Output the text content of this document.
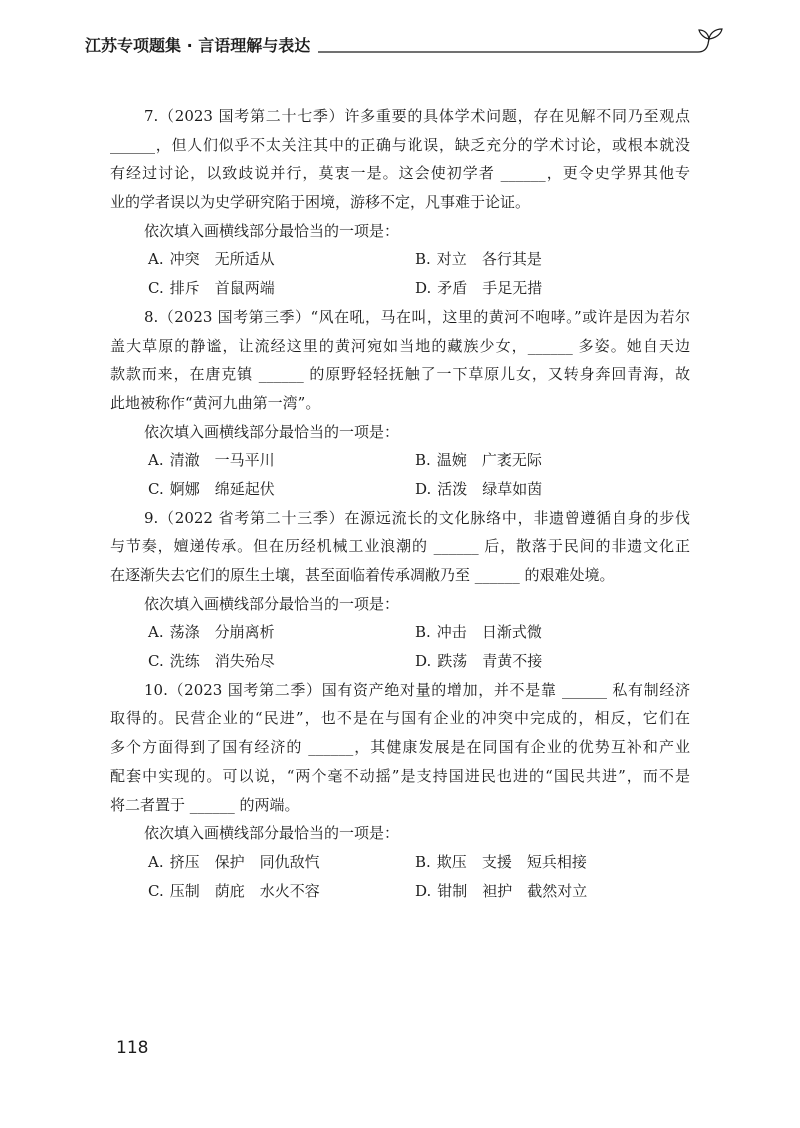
江苏专项题集 · 言语理解与表达
7.（2023 国考第二十七季）许多重要的具体学术问题，存在见解不同乃至观点
______，但人们似乎不太关注其中的正确与讹误，缺乏充分的学术讨论，或根本就没
有经过讨论，以致歧说并行，莫衷一是。这会使初学者 ______，更令史学界其他专
业的学者误以为史学研究陷于困境，游移不定，凡事难于论证。
依次填入画横线部分最恰当的一项是：
A. 冲突 无所适从	B. 对立 各行其是
C. 排斥 首鼠两端	D. 矛盾 手足无措
8.（2023 国考第三季）“风在吼，马在叫，这里的黄河不咆哮。”或许是因为若尔
盖大草原的静谧，让流经这里的黄河宛如当地的藏族少女，______ 多姿。她自天边
款款而来，在唐克镇 ______ 的原野轻轻抚触了一下草原儿女，又转身奔回青海，故
此地被称作“黄河九曲第一湾”。
依次填入画横线部分最恰当的一项是：
A. 清澈 一马平川	B. 温婉 广袤无际
C. 婀娜 绵延起伏	D. 活泼 绿草如茵
9.（2022 省考第二十三季）在源远流长的文化脉络中，非遗曾遵循自身的步伐
与节奏，嬗递传承。但在历经机械工业浪潮的 ______ 后，散落于民间的非遗文化正
在逐渐失去它们的原生土壤，甚至面临着传承凋敝乃至 ______ 的艰难处境。
依次填入画横线部分最恰当的一项是：
A. 荡涤 分崩离析	B. 冲击 日渐式微
C. 洗练 消失殆尽	D. 跌荡 青黄不接
10.（2023 国考第二季）国有资产绝对量的增加，并不是靠 ______ 私有制经济
取得的。民营企业的“民进”，也不是在与国有企业的冲突中完成的，相反，它们在
多个方面得到了国有经济的 ______，其健康发展是在同国有企业的优势互补和产业
配套中实现的。可以说，“两个毫不动摇”是支持国进民也进的“国民共进”，而不是
将二者置于 ______ 的两端。
依次填入画横线部分最恰当的一项是：
A. 挤压 保护 同仇敌忾	B. 欺压 支援 短兵相接
C. 压制 荫庇 水火不容	D. 钳制 袒护 截然对立
118
